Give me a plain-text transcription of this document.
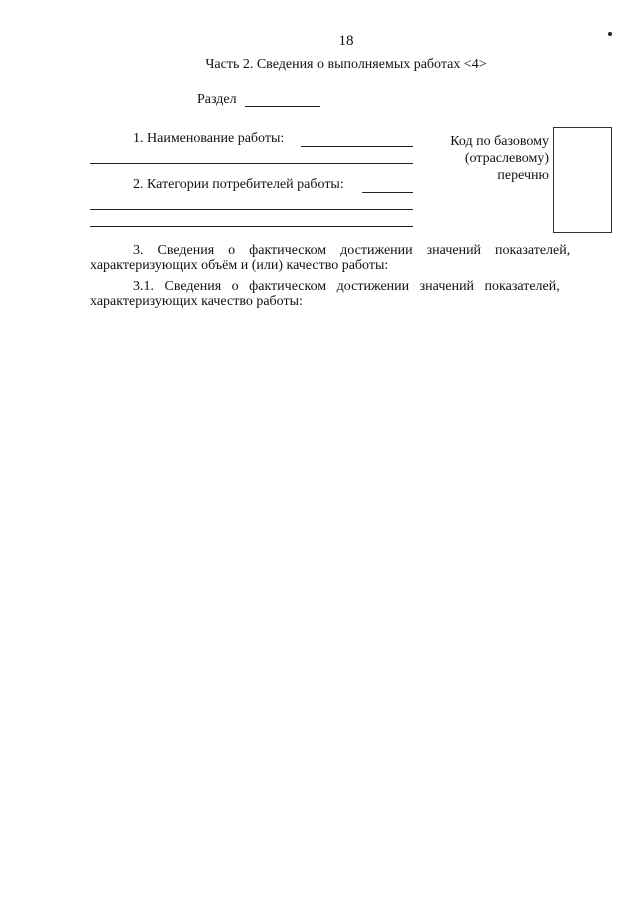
18
Часть 2. Сведения о выполняемых работах <4>
Раздел
1. Наименование работы:
2. Категории потребителей работы:
Код по базовому
(отраслевому)
перечню
3.    Сведения    о    фактическом    достижении    значений    показателей,
характеризующих объём и (или) качество работы:
3.1.   Сведения   о   фактическом   достижении   значений   показателей,
характеризующих качество работы:
